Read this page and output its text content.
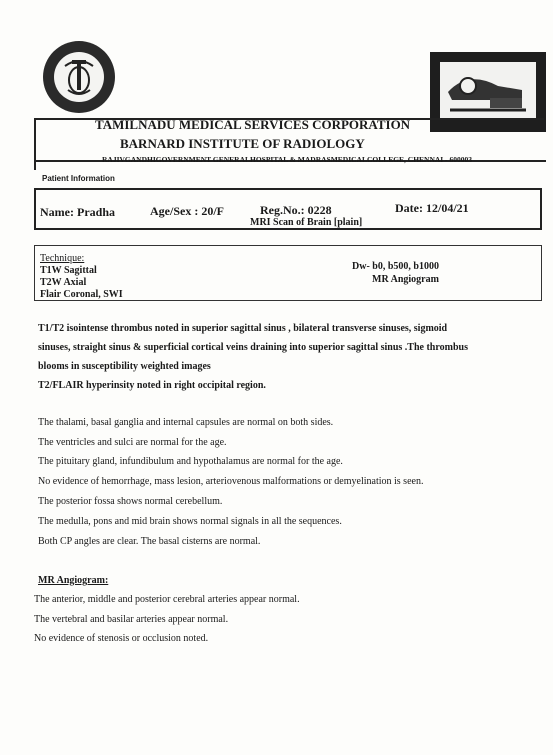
TAMILNADU MEDICAL SERVICES CORPORATION
BARNARD INSTITUTE OF RADIOLOGY
RAJIVGANDHIGOVERNMENT GENERALHOSPITAL & MADRASMEDICALCOLLEGE, CHENNAI - 600003
Patient Information
Name: Pradha	Age/Sex : 20/F	Reg.No.: 0228	Date: 12/04/21
MRI Scan of Brain [plain]
Technique:
T1W Sagittal
T2W Axial
Flair Coronal, SWI
Dw- b0, b500, b1000
MR Angiogram
T1/T2 isointense thrombus noted in superior sagittal sinus , bilateral transverse sinuses, sigmoid
sinuses, straight sinus & superficial cortical veins draining into superior sagittal sinus .The thrombus
blooms in susceptibility weighted images
T2/FLAIR hyperinsity noted in right occipital region.
The thalami, basal ganglia and internal capsules are normal on both sides.
The ventricles and sulci are normal for the age.
The pituitary gland, infundibulum and hypothalamus are normal for the age.
No evidence of hemorrhage, mass lesion, arteriovenous malformations or demyelination is seen.
The posterior fossa shows normal cerebellum.
The medulla, pons and mid brain shows normal signals in all the sequences.
Both CP angles are clear. The basal cisterns are normal.
MR Angiogram:
The anterior, middle and posterior cerebral arteries appear normal.
The vertebral and basilar arteries appear normal.
No evidence of stenosis or occlusion noted.
